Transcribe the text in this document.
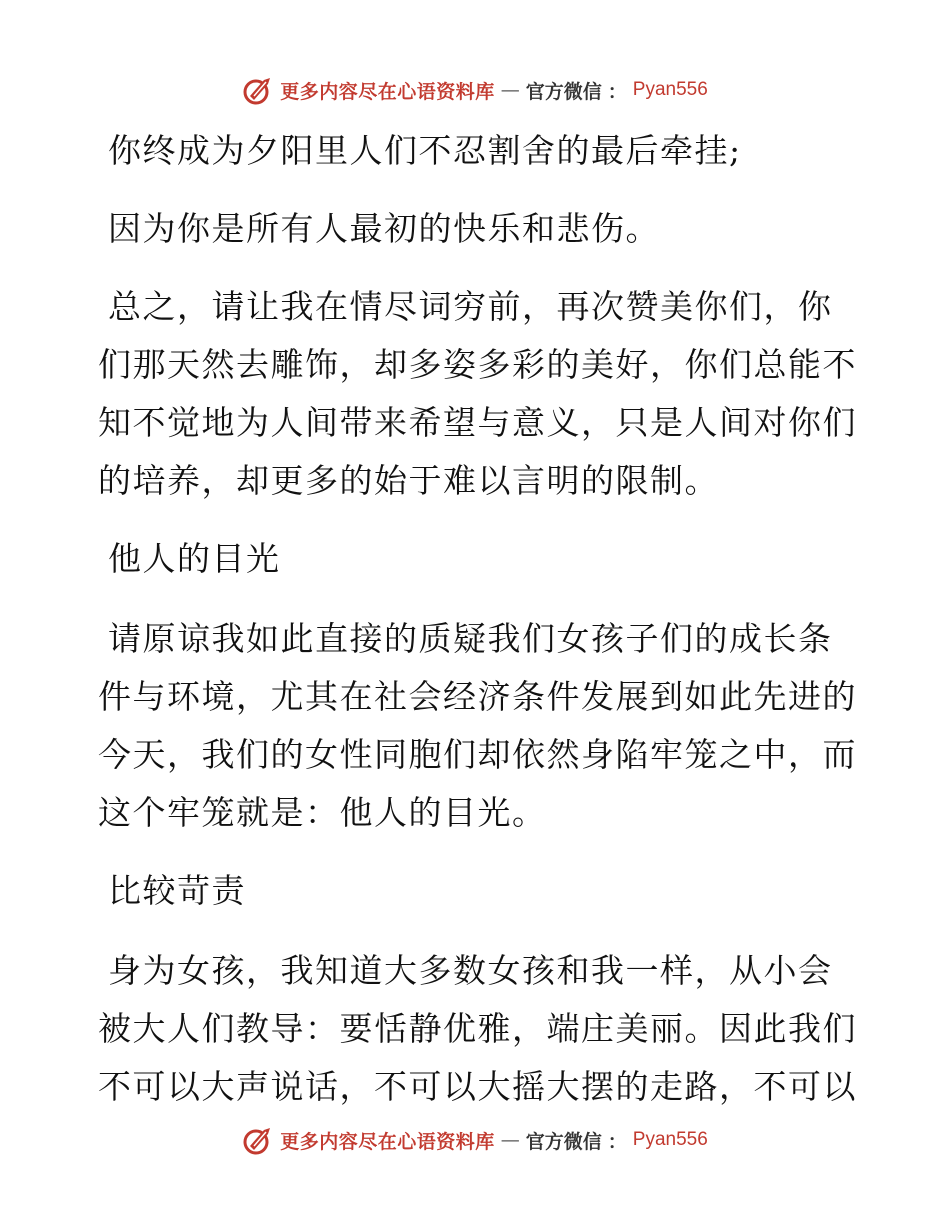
更多内容尽在心语资料库 — 官方微信 ： Pyan556

你终成为夕阳里人们不忍割舍的最后牵挂;

因为你是所有人最初的快乐和悲伤。

总之，请让我在情尽词穷前，再次赞美你们，你们那天然去雕饰，却多姿多彩的美好，你们总能不知不觉地为人间带来希望与意义，只是人间对你们的培养，却更多的始于难以言明的限制。

他人的目光

请原谅我如此直接的质疑我们女孩子们的成长条件与环境，尤其在社会经济条件发展到如此先进的今天，我们的女性同胞们却依然身陷牢笼之中，而这个牢笼就是：他人的目光。

比较苛责

身为女孩，我知道大多数女孩和我一样，从小会被大人们教导：要恬静优雅，端庄美丽。因此我们不可以大声说话，不可以大摇大摆的走路，不可以

更多内容尽在心语资料库 — 官方微信 ： Pyan556
